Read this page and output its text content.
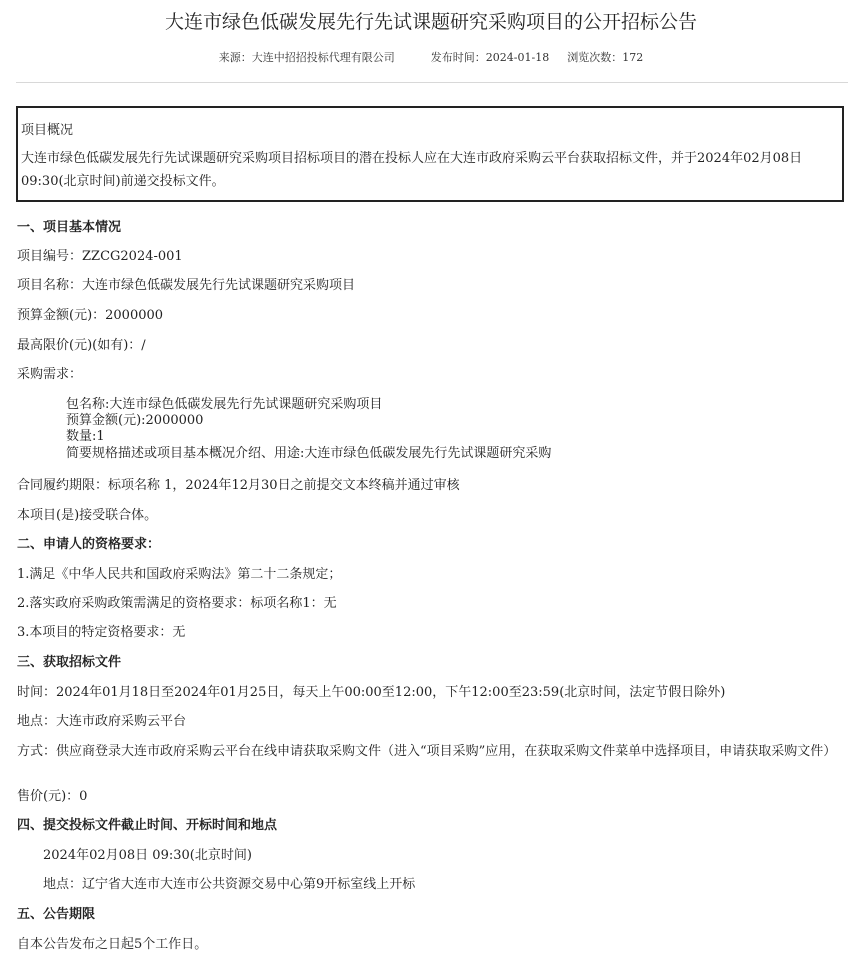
大连市绿色低碳发展先行先试课题研究采购项目的公开招标公告
来源：大连中招招投标代理有限公司	发布时间：2024-01-18 浏览次数：172
项目概况
大连市绿色低碳发展先行先试课题研究采购项目招标项目的潜在投标人应在大连市政府采购云平台获取招标文件，并于2024年02月08日 09:30(北京时间)前递交投标文件。
一、项目基本情况
项目编号：ZZCG2024-001
项目名称：大连市绿色低碳发展先行先试课题研究采购项目
预算金额(元)：2000000
最高限价(元)(如有)：/
采购需求：
包名称:大连市绿色低碳发展先行先试课题研究采购项目
预算金额(元):2000000
数量:1
简要规格描述或项目基本概况介绍、用途:大连市绿色低碳发展先行先试课题研究采购
合同履约期限：标项名称 1，2024年12月30日之前提交文本终稿并通过审核
本项目(是)接受联合体。
二、申请人的资格要求：
1.满足《中华人民共和国政府采购法》第二十二条规定；
2.落实政府采购政策需满足的资格要求：标项名称1：无
3.本项目的特定资格要求：无
三、获取招标文件
时间：2024年01月18日至2024年01月25日，每天上午00:00至12:00，下午12:00至23:59(北京时间，法定节假日除外)
地点：大连市政府采购云平台
方式：供应商登录大连市政府采购云平台在线申请获取采购文件（进入“项目采购”应用，在获取采购文件菜单中选择项目，申请获取采购文件）
售价(元)：0
四、提交投标文件截止时间、开标时间和地点
2024年02月08日 09:30(北京时间)
地点：辽宁省大连市大连市公共资源交易中心第9开标室线上开标
五、公告期限
自本公告发布之日起5个工作日。
